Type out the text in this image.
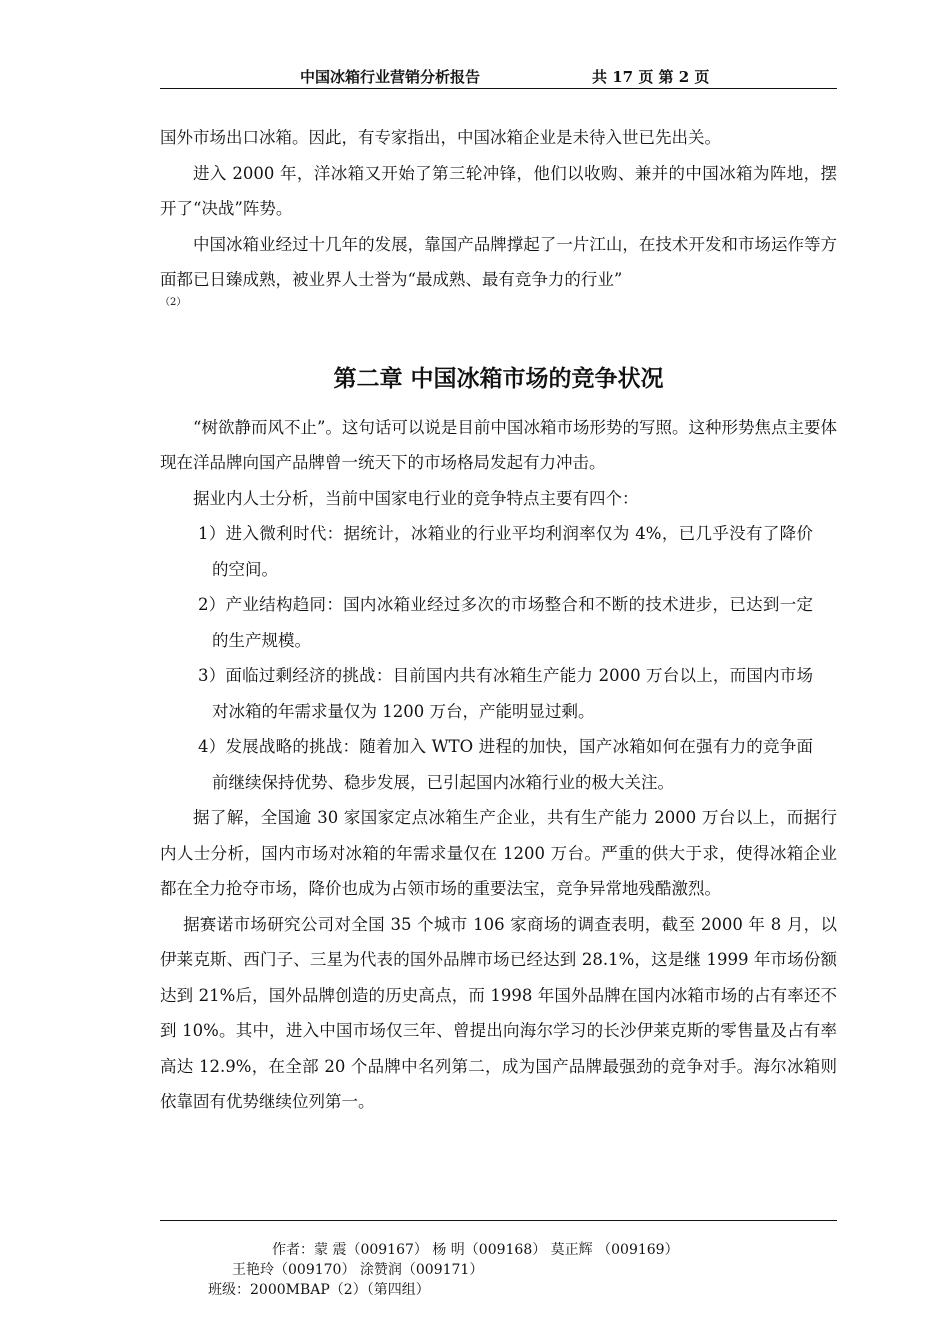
中国冰箱行业营销分析报告	共 17 页 第 2 页

国外市场出口冰箱。因此，有专家指出，中国冰箱企业是未待入世已先出关。

进入 2000 年，洋冰箱又开始了第三轮冲锋，他们以收购、兼并的中国冰箱为阵地，摆开了“决战”阵势。

中国冰箱业经过十几年的发展，靠国产品牌撑起了一片江山，在技术开发和市场运作等方面都已日臻成熟，被业界人士誉为“最成熟、最有竞争力的行业”

（2）

第二章 中国冰箱市场的竞争状况

“树欲静而风不止”。这句话可以说是目前中国冰箱市场形势的写照。这种形势焦点主要体现在洋品牌向国产品牌曾一统天下的市场格局发起有力冲击。

据业内人士分析，当前中国家电行业的竞争特点主要有四个：

1）进入微利时代：据统计，冰箱业的行业平均利润率仅为 4%，已几乎没有了降价的空间。

2）产业结构趋同：国内冰箱业经过多次的市场整合和不断的技术进步，已达到一定的生产规模。

3）面临过剩经济的挑战：目前国内共有冰箱生产能力 2000 万台以上，而国内市场对冰箱的年需求量仅为 1200 万台，产能明显过剩。

4）发展战略的挑战：随着加入 WTO 进程的加快，国产冰箱如何在强有力的竞争面前继续保持优势、稳步发展，已引起国内冰箱行业的极大关注。

据了解，全国逾 30 家国家定点冰箱生产企业，共有生产能力 2000 万台以上，而据行内人士分析，国内市场对冰箱的年需求量仅在 1200 万台。严重的供大于求，使得冰箱企业都在全力抢夺市场，降价也成为占领市场的重要法宝，竞争异常地残酷激烈。

据赛诺市场研究公司对全国 35 个城市 106 家商场的调查表明，截至 2000 年 8 月，以伊莱克斯、西门子、三星为代表的国外品牌市场已经达到 28.1%，这是继 1999 年市场份额达到 21%后，国外品牌创造的历史高点，而 1998 年国外品牌在国内冰箱市场的占有率还不到 10%。其中，进入中国市场仅三年、曾提出向海尔学习的长沙伊莱克斯的零售量及占有率高达 12.9%，在全部 20 个品牌中名列第二，成为国产品牌最强劲的竞争对手。海尔冰箱则依靠固有优势继续位列第一。

作者：蒙 震（009167） 杨 明（009168） 莫正辉 （009169）
王艳玲（009170） 涂赞润（009171）
班级：2000MBAP（2）（第四组）
